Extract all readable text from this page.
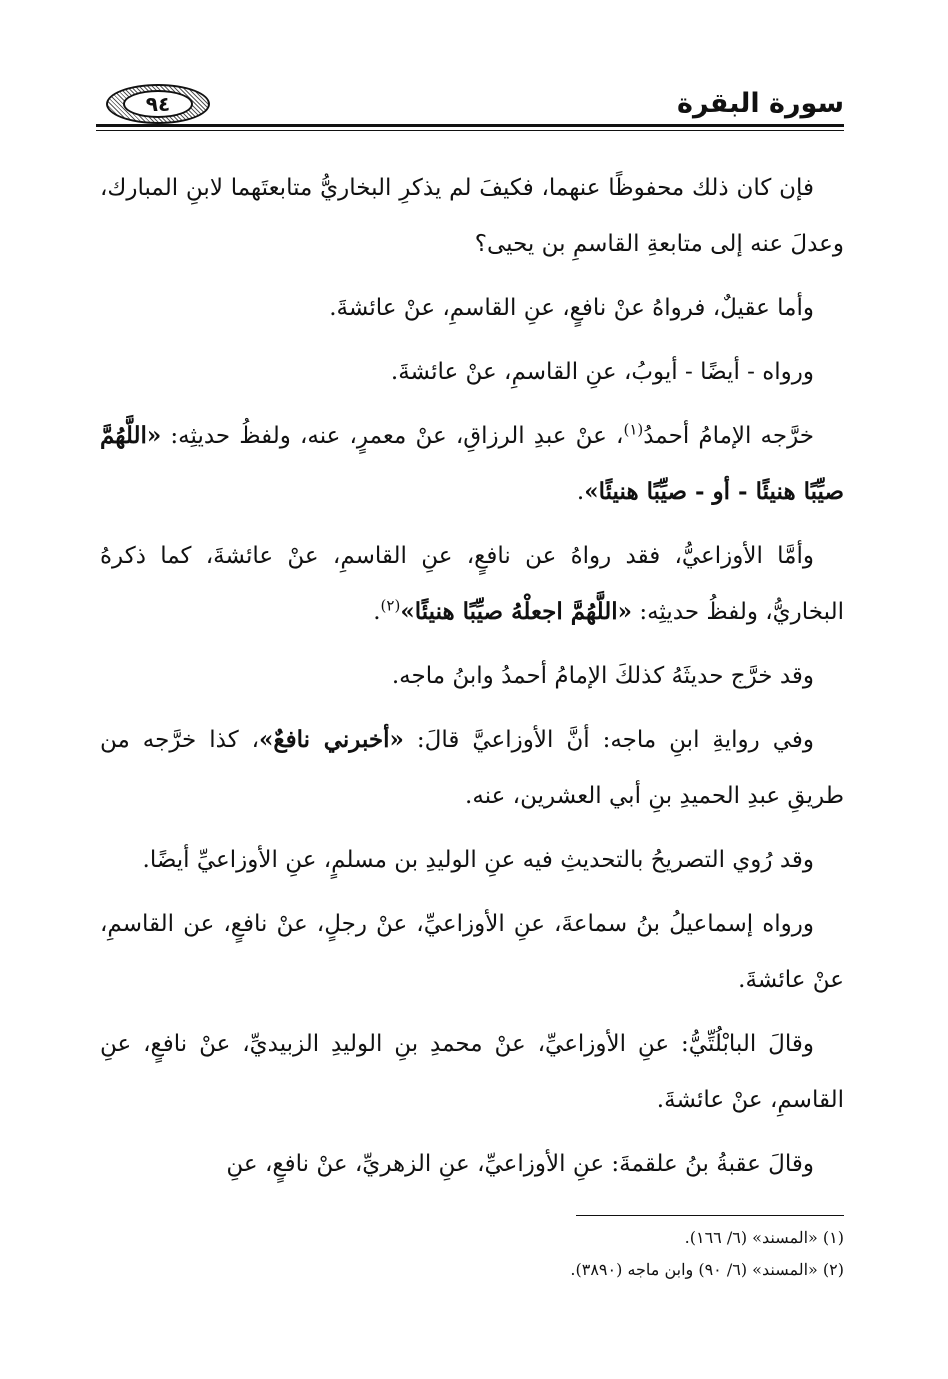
سورة البقرة
٩٤

فإن كان ذلك محفوظًا عنهما، فكيفَ لم يذكرِ البخاريُّ متابعتَهما لابنِ المبارك، وعدلَ عنه إلى متابعةِ القاسمِ بن يحيى؟

وأما عقيلٌ، فرواهُ عنْ نافعٍ، عنِ القاسمِ، عنْ عائشةَ.

ورواه - أيضًا - أيوبُ، عنِ القاسمِ، عنْ عائشةَ.

خرَّجه الإمامُ أحمدُ$^{(١)}$، عنْ عبدِ الرزاقِ، عنْ معمرٍ، عنه، ولفظُ حديثِه: «اللَّهُمَّ صيِّبًا هنيئًا - أو - صيِّبًا هنيئًا».

وأمَّا الأوزاعيُّ، فقد رواهُ عن نافعٍ، عنِ القاسمِ، عنْ عائشةَ، كما ذكرهُ البخاريُّ، ولفظُ حديثِه: «اللَّهُمَّ اجعلْهُ صيِّبًا هنيئًا»$^{(٢)}$.

وقد خرَّج حديثَهُ كذلكَ الإمامُ أحمدُ وابنُ ماجه.

وفي روايةِ ابنِ ماجه: أنَّ الأوزاعيَّ قالَ: «أخبرني نافعٌ»، كذا خرَّجه من طريقِ عبدِ الحميدِ بنِ أبي العشرين، عنه.

وقد رُوي التصريحُ بالتحديثِ فيه عنِ الوليدِ بن مسلمٍ، عنِ الأوزاعيِّ أيضًا.

ورواه إسماعيلُ بنُ سماعةَ، عنِ الأوزاعيِّ، عنْ رجلٍ، عنْ نافعٍ، عن القاسمِ، عنْ عائشةَ.

وقالَ البابْلُتِّيُّ: عنِ الأوزاعيِّ، عنْ محمدِ بنِ الوليدِ الزبيديِّ، عنْ نافعٍ، عنِ القاسمِ، عنْ عائشةَ.

وقالَ عقبةُ بنُ علقمةَ: عنِ الأوزاعيِّ، عنِ الزهريِّ، عنْ نافعٍ، عنِ

(١) «المسند» (٦/ ١٦٦).
(٢) «المسند» (٦/ ٩٠) وابن ماجه (٣٨٩٠).
